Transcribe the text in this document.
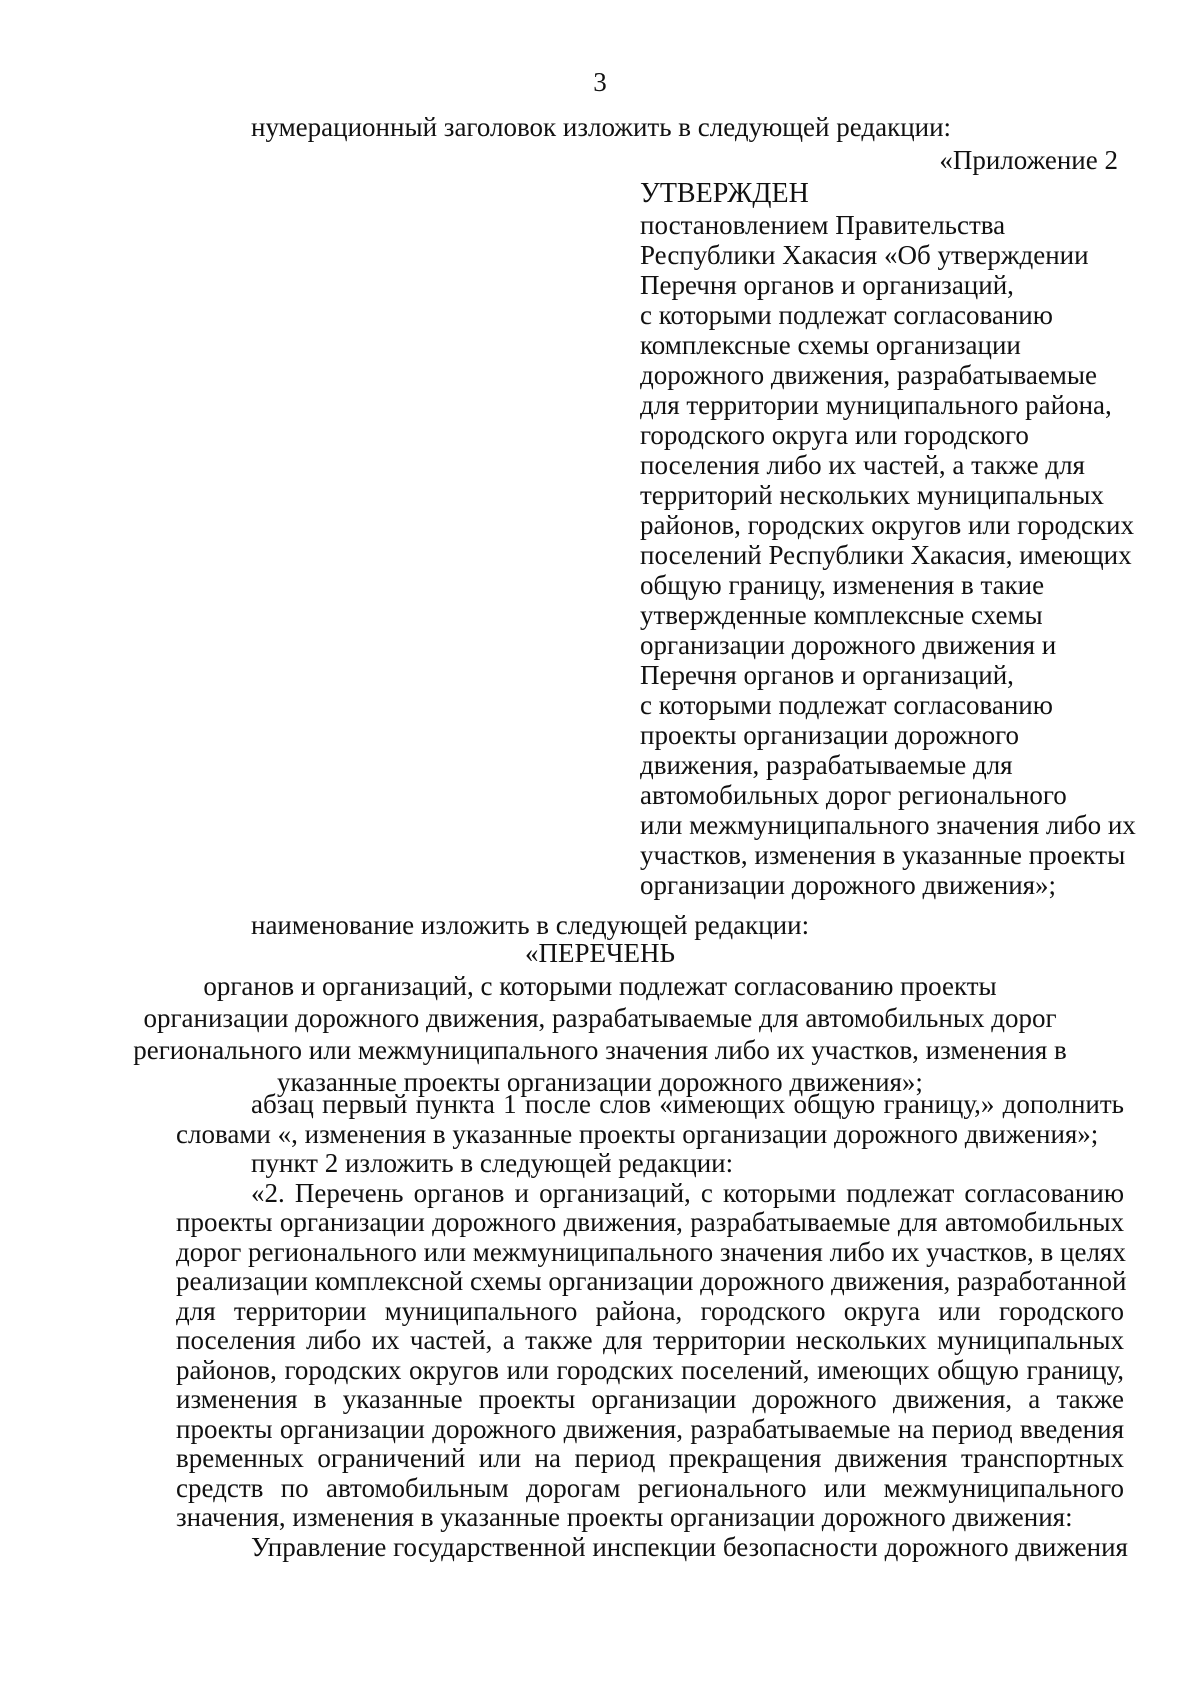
3
нумерационный заголовок изложить в следующей редакции:
«Приложение 2
УТВЕРЖДЕН
постановлением Правительства
Республики Хакасия «Об утверждении
Перечня органов и организаций,
с которыми подлежат согласованию
комплексные схемы организации
дорожного движения, разрабатываемые
для территории муниципального района,
городского округа или городского
поселения либо их частей, а также для
территорий нескольких муниципальных
районов, городских округов или городских
поселений Республики Хакасия, имеющих
общую границу, изменения в такие
утвержденные комплексные схемы
организации дорожного движения и
Перечня органов и организаций,
с которыми подлежат согласованию
проекты организации дорожного
движения, разрабатываемые для
автомобильных дорог регионального
или межмуниципального значения либо их
участков, изменения в указанные проекты
организации дорожного движения»;
наименование изложить в следующей редакции:
«ПЕРЕЧЕНЬ
органов и организаций, с которыми подлежат согласованию проекты
организации дорожного движения, разрабатываемые для автомобильных дорог
регионального или межмуниципального значения либо их участков, изменения в
указанные проекты организации дорожного движения»;
абзац первый пункта 1 после слов «имеющих общую границу,» дополнить
словами «, изменения в указанные проекты организации дорожного движения»;
пункт 2 изложить в следующей редакции:
«2. Перечень органов и организаций, с которыми подлежат согласованию
проекты организации дорожного движения, разрабатываемые для автомобильных
дорог регионального или межмуниципального значения либо их участков, в целях
реализации комплексной схемы организации дорожного движения, разработанной
для территории муниципального района, городского округа или городского
поселения либо их частей, а также для территории нескольких муниципальных
районов, городских округов или городских поселений, имеющих общую границу,
изменения в указанные проекты организации дорожного движения, а также
проекты организации дорожного движения, разрабатываемые на период введения
временных ограничений или на период прекращения движения транспортных
средств по автомобильным дорогам регионального или межмуниципального
значения, изменения в указанные проекты организации дорожного движения:
Управление государственной инспекции безопасности дорожного движения
